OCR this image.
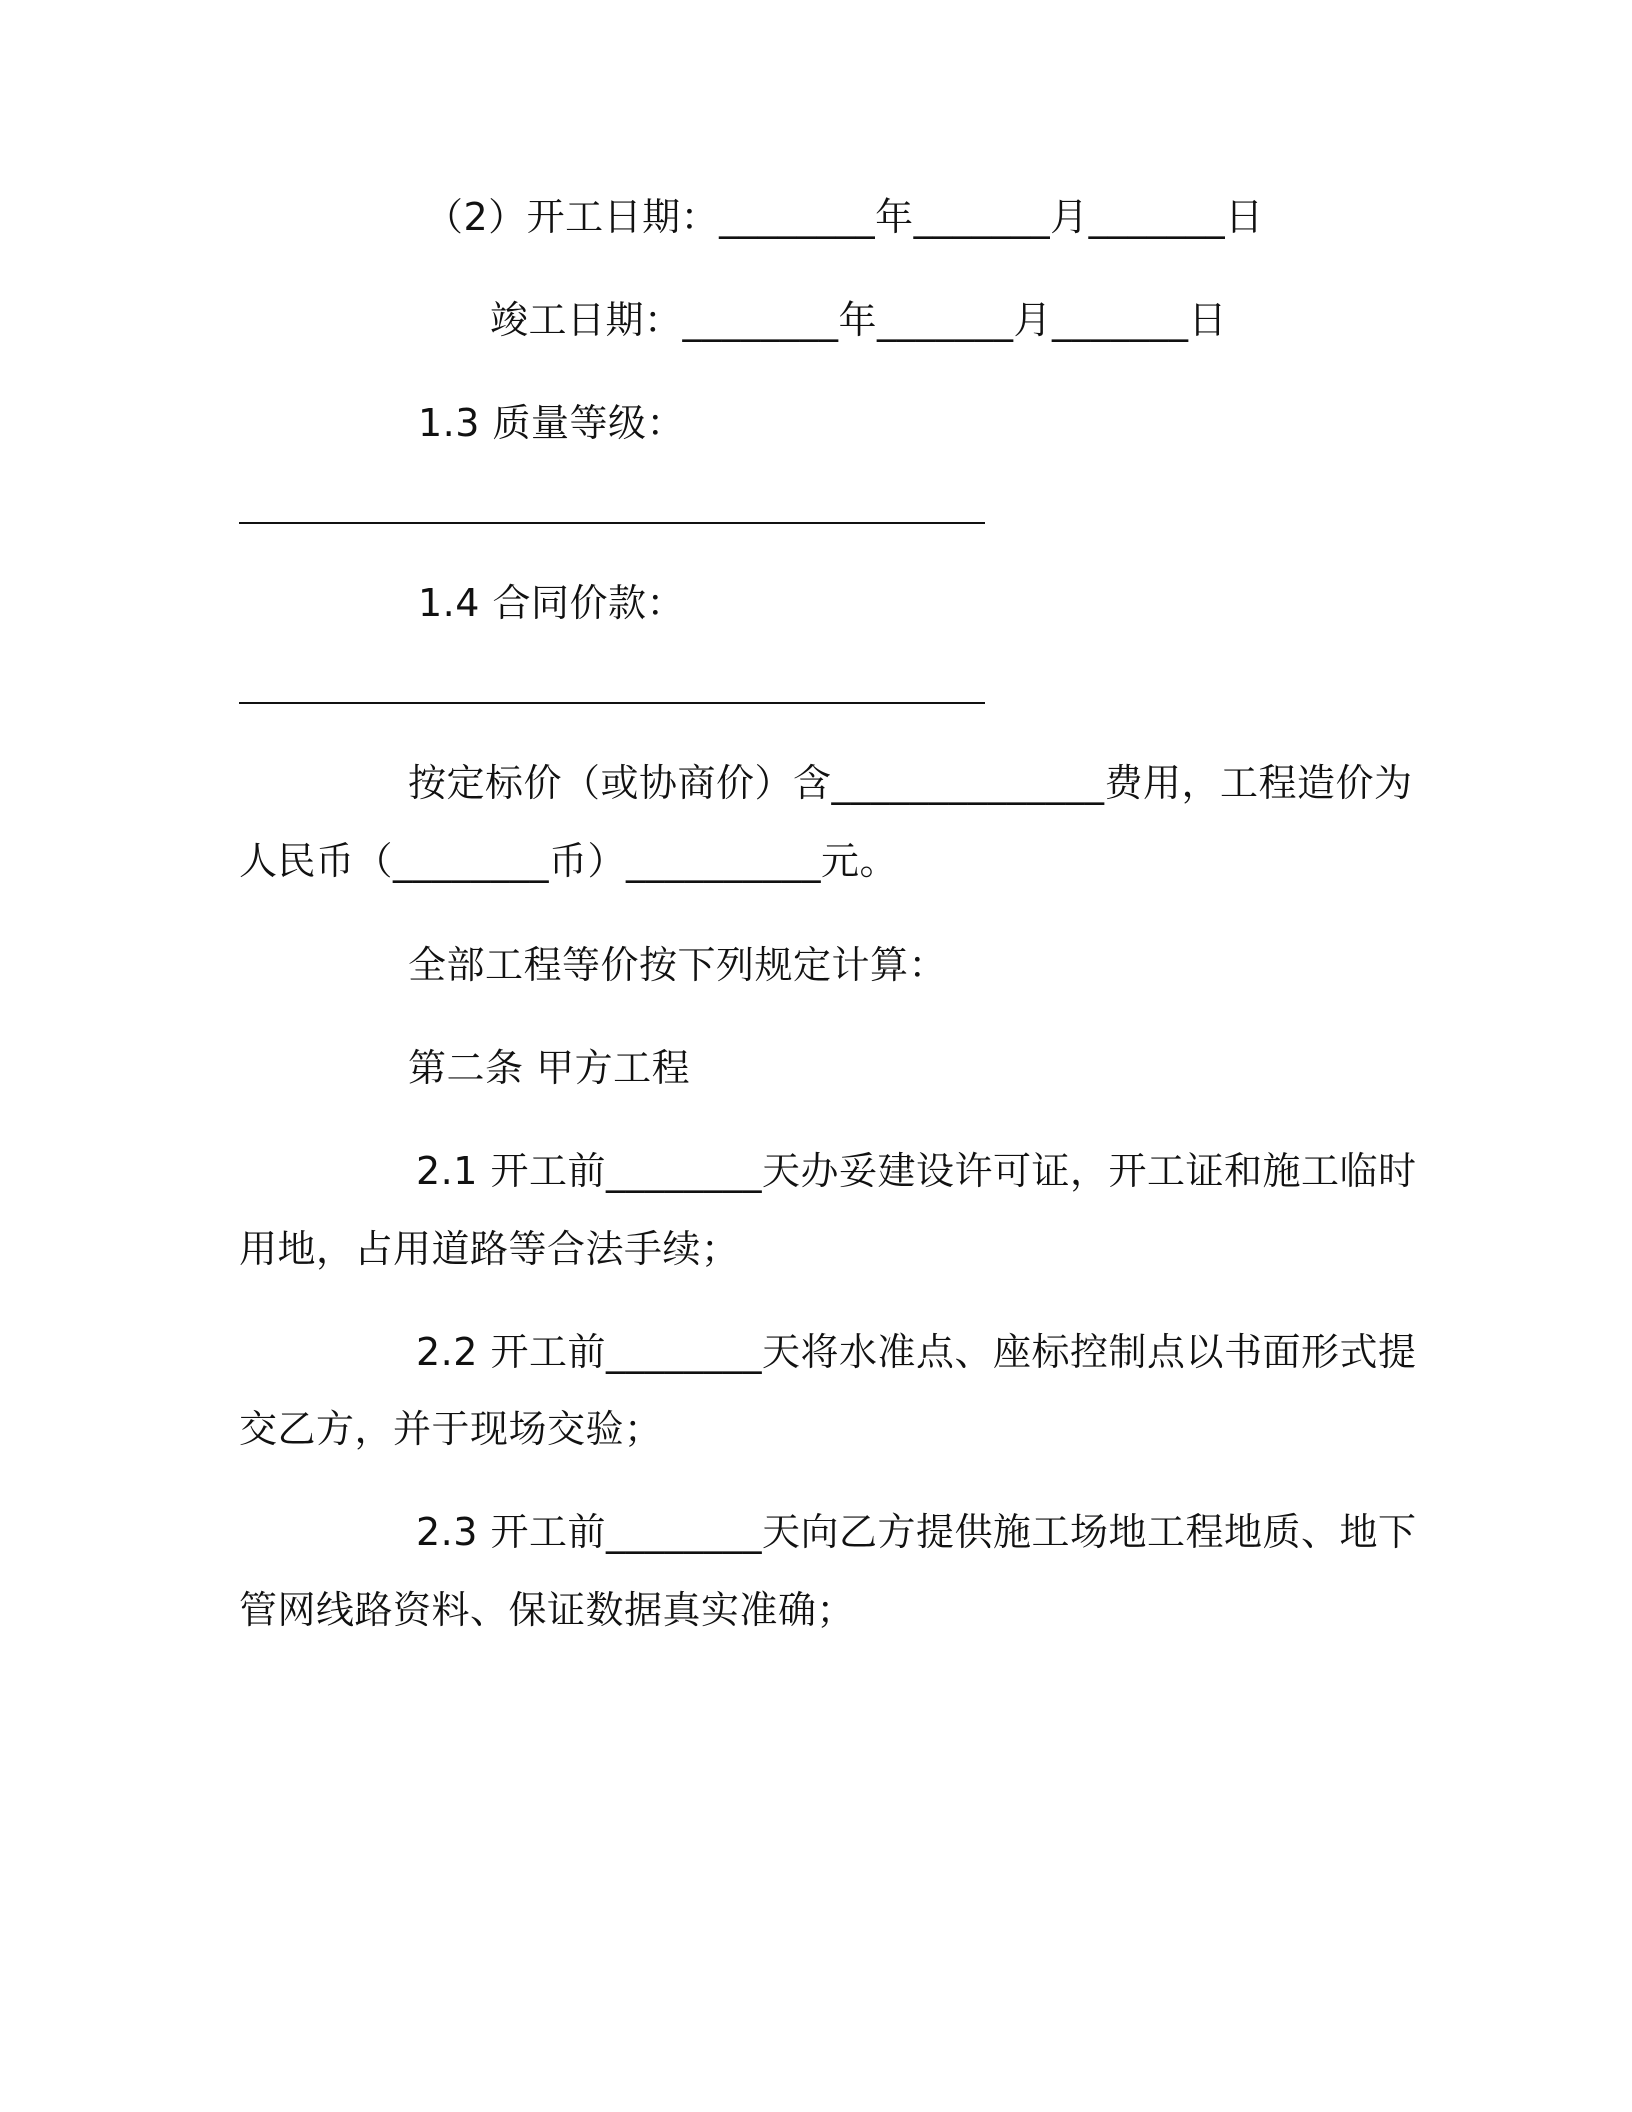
（2）开工日期：________年_______月_______日
竣工日期：________年_______月_______日
1.3 质量等级：
1.4 合同价款：
按定标价（或协商价）含______________费用，工程造价为
人民币（________币）__________元。
全部工程等价按下列规定计算：
第二条 甲方工程
2.1 开工前________天办妥建设许可证，开工证和施工临时
用地，占用道路等合法手续；
2.2 开工前________天将水准点、座标控制点以书面形式提
交乙方，并于现场交验；
2.3 开工前________天向乙方提供施工场地工程地质、地下
管网线路资料、保证数据真实准确；
